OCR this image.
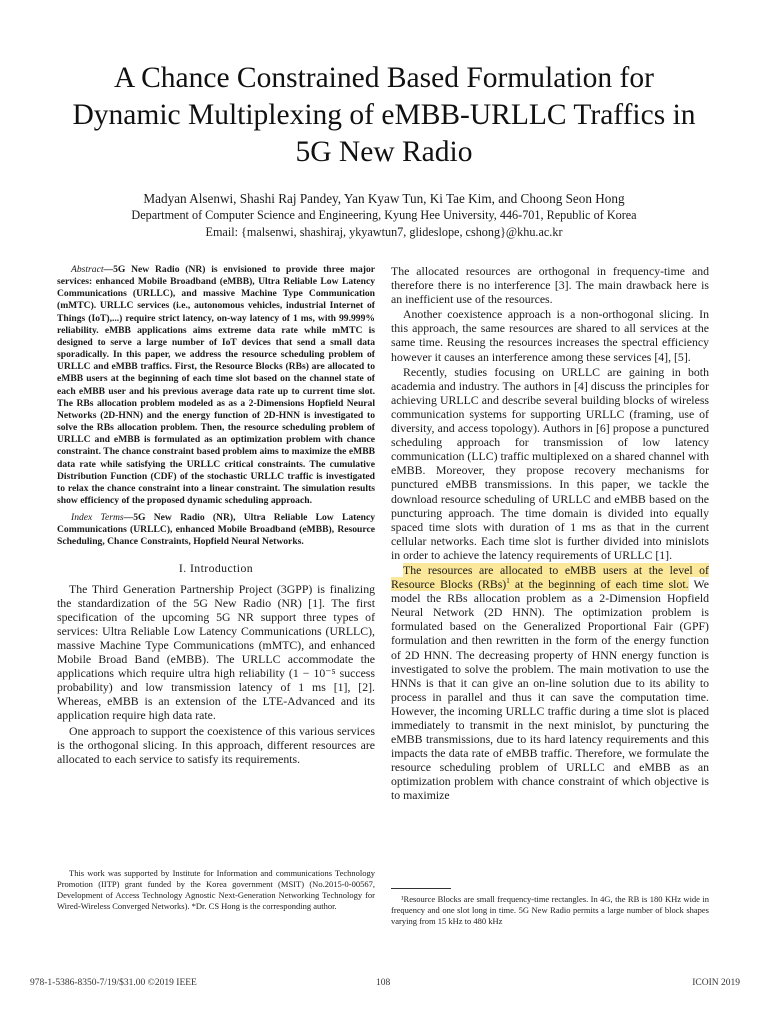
A Chance Constrained Based Formulation for
Dynamic Multiplexing of eMBB-URLLC Traffics in
5G New Radio
Madyan Alsenwi, Shashi Raj Pandey, Yan Kyaw Tun, Ki Tae Kim, and Choong Seon Hong
Department of Computer Science and Engineering, Kyung Hee University, 446-701, Republic of Korea
Email: {malsenwi, shashiraj, ykyawtun7, glideslope, cshong}@khu.ac.kr

Abstract—5G New Radio (NR) is envisioned to provide three major services: enhanced Mobile Broadband (eMBB), Ultra Reliable Low Latency Communications (URLLC), and massive Machine Type Communication (mMTC). URLLC services (i.e., autonomous vehicles, industrial Internet of Things (IoT),...) require strict latency, on-way latency of 1 ms, with 99.999% reliability. eMBB applications aims extreme data rate while mMTC is designed to serve a large number of IoT devices that send a small data sporadically. In this paper, we address the resource scheduling problem of URLLC and eMBB traffics. First, the Resource Blocks (RBs) are allocated to eMBB users at the beginning of each time slot based on the channel state of each eMBB user and his previous average data rate up to current time slot. The RBs allocation problem modeled as as a 2-Dimensions Hopfield Neural Networks (2D-HNN) and the energy function of 2D-HNN is investigated to solve the RBs allocation problem. Then, the resource scheduling problem of URLLC and eMBB is formulated as an optimization problem with chance constraint. The chance constraint based problem aims to maximize the eMBB data rate while satisfying the URLLC critical constraints. The cumulative Distribution Function (CDF) of the stochastic URLLC traffic is investigated to relax the chance constraint into a linear constraint. The simulation results show efficiency of the proposed dynamic scheduling approach.

Index Terms—5G New Radio (NR), Ultra Reliable Low Latency Communications (URLLC), enhanced Mobile Broadband (eMBB), Resource Scheduling, Chance Constraints, Hopfield Neural Networks.

I. Introduction

The Third Generation Partnership Project (3GPP) is finalizing the standardization of the 5G New Radio (NR) [1]. The first specification of the upcoming 5G NR support three types of services: Ultra Reliable Low Latency Communications (URLLC), massive Machine Type Communications (mMTC), and enhanced Mobile Broad Band (eMBB). The URLLC accommodate the applications which require ultra high reliability (1 − 10⁻⁵ success probability) and low transmission latency of 1 ms [1], [2]. Whereas, eMBB is an extension of the LTE-Advanced and its application require high data rate.

One approach to support the coexistence of this various services is the orthogonal slicing. In this approach, different resources are allocated to each service to satisfy its requirements.

This work was supported by Institute for Information and communications Technology Promotion (IITP) grant funded by the Korea government (MSIT) (No.2015-0-00567, Development of Access Technology Agnostic Next-Generation Networking Technology for Wired-Wireless Converged Networks). *Dr. CS Hong is the corresponding author.

The allocated resources are orthogonal in frequency-time and therefore there is no interference [3]. The main drawback here is an inefficient use of the resources.

Another coexistence approach is a non-orthogonal slicing. In this approach, the same resources are shared to all services at the same time. Reusing the resources increases the spectral efficiency however it causes an interference among these services [4], [5].

Recently, studies focusing on URLLC are gaining in both academia and industry. The authors in [4] discuss the principles for achieving URLLC and describe several building blocks of wireless communication systems for supporting URLLC (framing, use of diversity, and access topology). Authors in [6] propose a punctured scheduling approach for transmission of low latency communication (LLC) traffic multiplexed on a shared channel with eMBB. Moreover, they propose recovery mechanisms for punctured eMBB transmissions. In this paper, we tackle the download resource scheduling of URLLC and eMBB based on the puncturing approach. The time domain is divided into equally spaced time slots with duration of 1 ms as that in the current cellular networks. Each time slot is further divided into minislots in order to achieve the latency requirements of URLLC [1].

The resources are allocated to eMBB users at the level of Resource Blocks (RBs)$^1$ at the beginning of each time slot. We model the RBs allocation problem as a 2-Dimension Hopfield Neural Network (2D HNN). The optimization problem is formulated based on the Generalized Proportional Fair (GPF) formulation and then rewritten in the form of the energy function of 2D HNN. The decreasing property of HNN energy function is investigated to solve the problem. The main motivation to use the HNNs is that it can give an on-line solution due to its ability to process in parallel and thus it can save the computation time. However, the incoming URLLC traffic during a time slot is placed immediately to transmit in the next minislot, by puncturing the eMBB transmissions, due to its hard latency requirements and this impacts the data rate of eMBB traffic. Therefore, we formulate the resource scheduling problem of URLLC and eMBB as an optimization problem with chance constraint of which objective is to maximize

¹Resource Blocks are small frequency-time rectangles. In 4G, the RB is 180 KHz wide in frequency and one slot long in time. 5G New Radio permits a large number of block shapes varying from 15 kHz to 480 kHz
978-1-5386-8350-7/19/$31.00 ©2019 IEEE	108	ICOIN 2019
